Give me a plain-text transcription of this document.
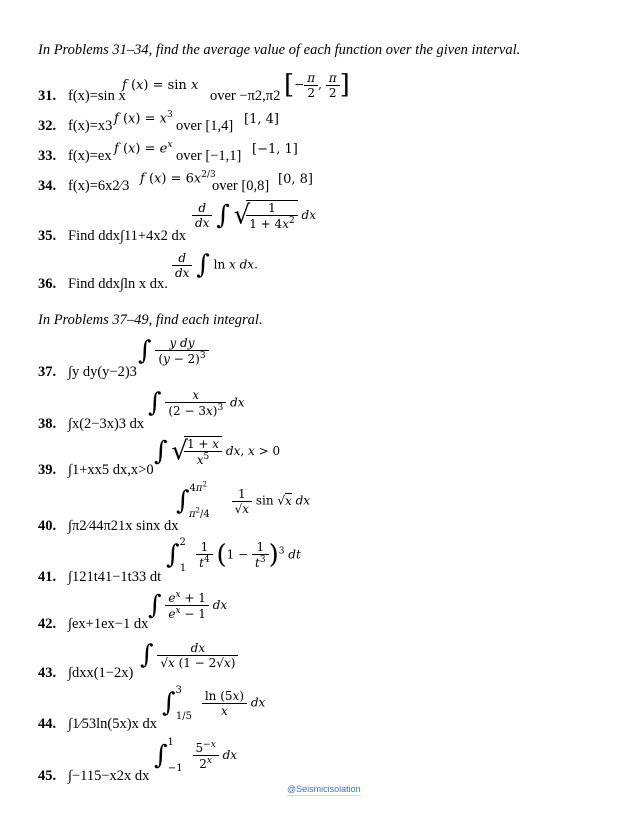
In Problems 31–34, find the average value of each function over the given interval.
31. f(x)=sin x
f (x) = sin x
over −π2,π2 [− $\frac{\pi}{2}$ , $\frac{\pi}{2}$ ]
32. f(x)=x3 f $(x) = x^3$
over [1,4] [1, 4]
33. f(x)=ex f $(x) = e^x$
over [−1,1] [−1, 1]
34. f(x)=6x2⁄3 f $(x) = 6x^{2/3}$
over [0,8] [0, 8]
35. Find ddx∫11+4x2 dx
$\frac{d}{dx}$ ∫ √
$\frac{1}{1 + 4x^2}$ dx
36. Find ddx∫ln x dx.
$\frac{d}{dx}$ ∫ ln x dx.
In Problems 37–49, find each integral.
37. ∫y dy(y−2)3
∫ $\frac{\text{y dy}}{(y - 2)^3}$
38. ∫x(2−3x)3 dx
∫ $\frac{x}{(2 - 3x)^3}$ dx
39. ∫1+xx5 dx,x>0
∫ √
$\frac{1 + x}{x^5}$ dx, x > 0
40. ∫π2⁄44π21x sinx dx
$\int^{4\pi^2}_{\pi^2/4} \frac{1}{√x}$ sin √x dx
41. ∫121t41−1t33 dt
$\int^2_1 \frac{1}{t^4} (1 - \frac{1}{t^3} )^3$ dt
42. ∫ex+1ex−1 dx
∫ $\frac{e^x + 1}{e^x - 1}$ dx
43. ∫dxx(1−2x)
∫ $\frac{dx}{√x (1 - 2√x)}$
44. ∫1⁄53ln(5x)x dx
$\int^3_{1/5} \frac{\ln (5x)}{x}$ dx
45. ∫−115−x2x dx
$\int^1_{-1} \frac{5^{-x}}{2^x}$ dx
@Seismicisolation
